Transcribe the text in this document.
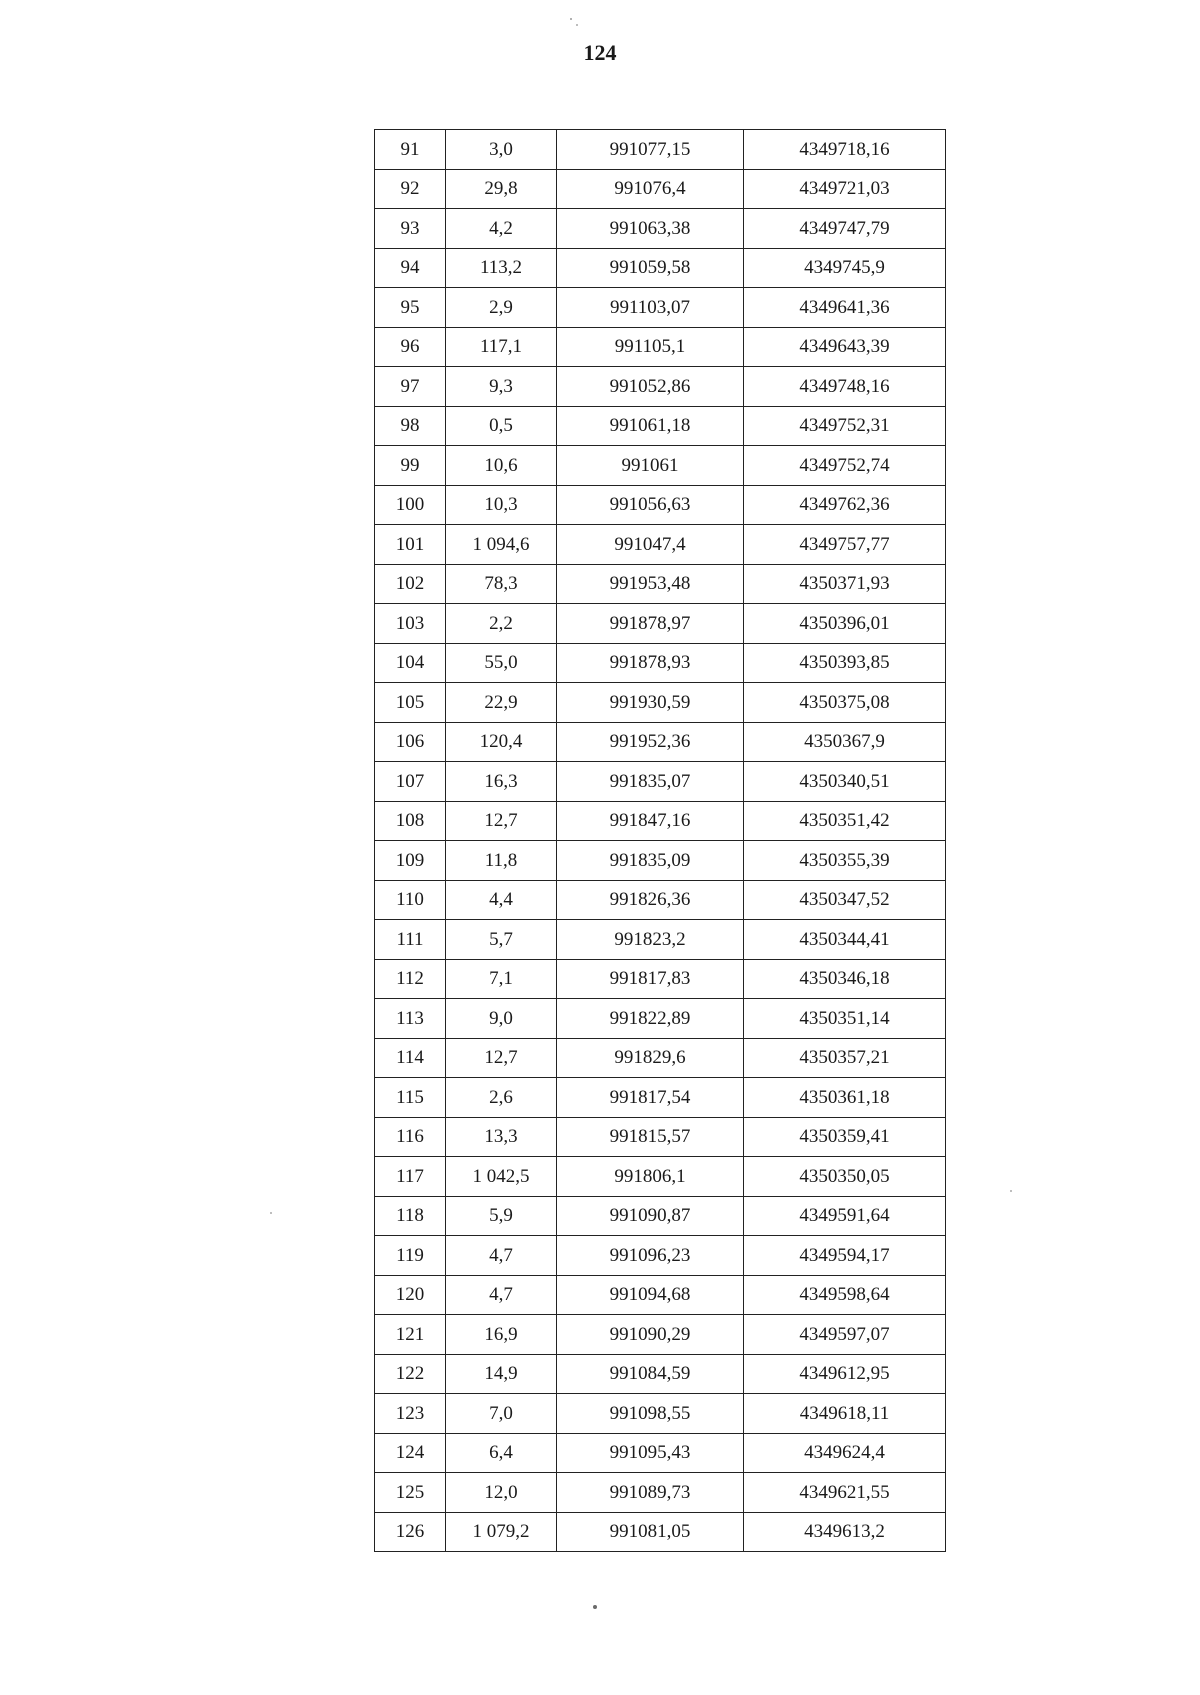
124
91	3,0	991077,15	4349718,16
92	29,8	991076,4	4349721,03
93	4,2	991063,38	4349747,79
94	113,2	991059,58	4349745,9
95	2,9	991103,07	4349641,36
96	117,1	991105,1	4349643,39
97	9,3	991052,86	4349748,16
98	0,5	991061,18	4349752,31
99	10,6	991061	4349752,74
100	10,3	991056,63	4349762,36
101	1 094,6	991047,4	4349757,77
102	78,3	991953,48	4350371,93
103	2,2	991878,97	4350396,01
104	55,0	991878,93	4350393,85
105	22,9	991930,59	4350375,08
106	120,4	991952,36	4350367,9
107	16,3	991835,07	4350340,51
108	12,7	991847,16	4350351,42
109	11,8	991835,09	4350355,39
110	4,4	991826,36	4350347,52
111	5,7	991823,2	4350344,41
112	7,1	991817,83	4350346,18
113	9,0	991822,89	4350351,14
114	12,7	991829,6	4350357,21
115	2,6	991817,54	4350361,18
116	13,3	991815,57	4350359,41
117	1 042,5	991806,1	4350350,05
118	5,9	991090,87	4349591,64
119	4,7	991096,23	4349594,17
120	4,7	991094,68	4349598,64
121	16,9	991090,29	4349597,07
122	14,9	991084,59	4349612,95
123	7,0	991098,55	4349618,11
124	6,4	991095,43	4349624,4
125	12,0	991089,73	4349621,55
126	1 079,2	991081,05	4349613,2
